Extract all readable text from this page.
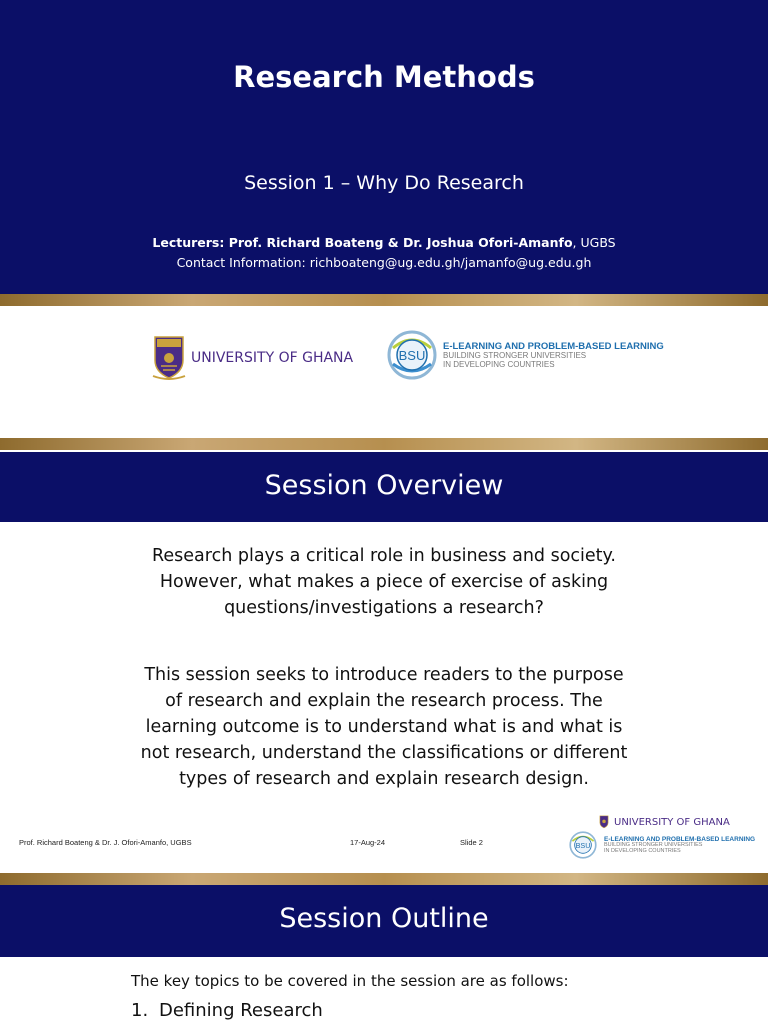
Research Methods
Session 1 – Why Do Research
Lecturers: Prof. Richard Boateng & Dr. Joshua Ofori-Amanfo, UGBS
Contact Information: richboateng@ug.edu.gh/jamanfo@ug.edu.gh
UNIVERSITY OF GHANA	BSU
E-LEARNING AND PROBLEM-BASED LEARNING
BUILDING STRONGER UNIVERSITIES
IN DEVELOPING COUNTRIES
Session Overview
Research plays a critical role in business and society.
However, what makes a piece of exercise of asking
questions/investigations a research?
This session seeks to introduce readers to the purpose
of research and explain the research process. The
learning outcome is to understand what is and what is
not research, understand the classifications or different
types of research and explain research design.
Prof. Richard Boateng & Dr. J. Ofori-Amanfo, UGBS	17-Aug-24	Slide 2
UNIVERSITY OF GHANA
BSU
E-LEARNING AND PROBLEM-BASED LEARNING
BUILDING STRONGER UNIVERSITIES
IN DEVELOPING COUNTRIES
Session Outline
The key topics to be covered in the session are as follows:
1. Defining Research
